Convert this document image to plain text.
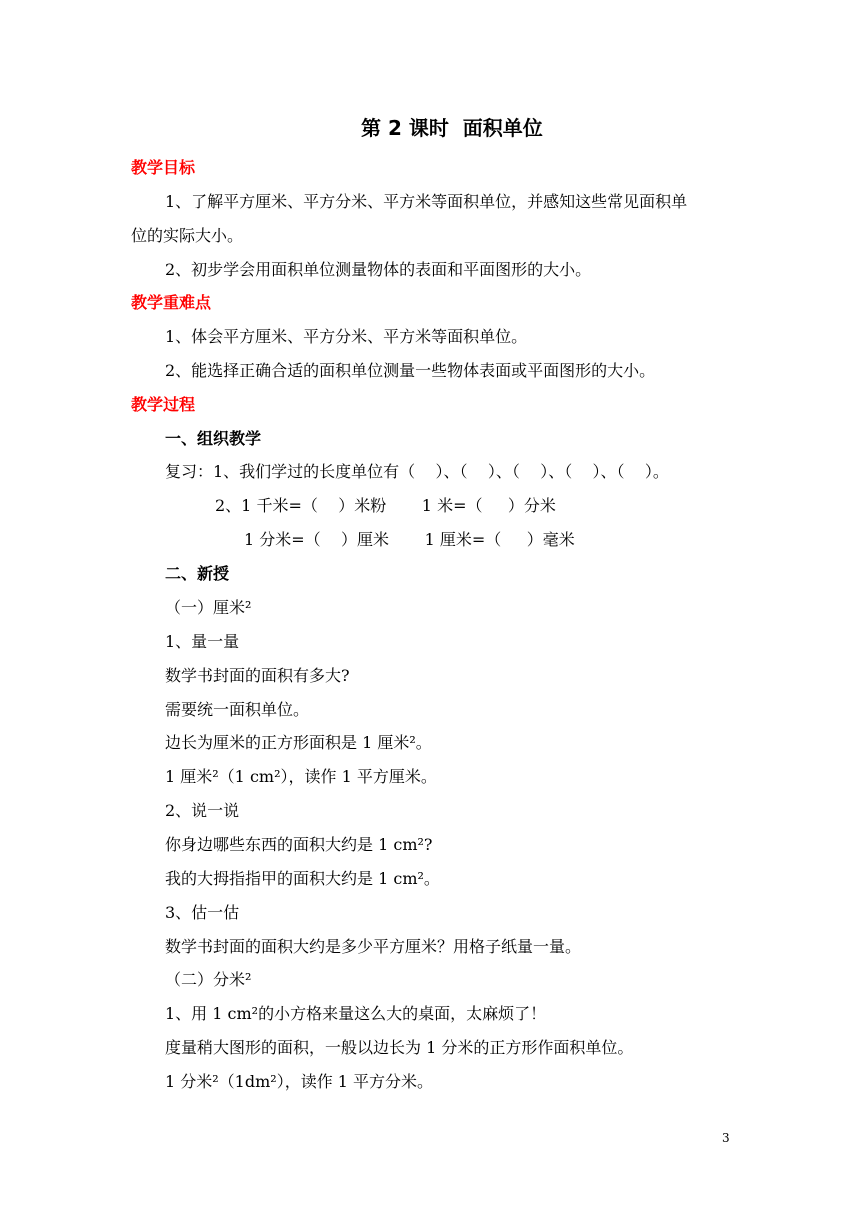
第 2 课时  面积单位
教学目标
1、了解平方厘米、平方分米、平方米等面积单位，并感知这些常见面积单
位的实际大小。
2、初步学会用面积单位测量物体的表面和平面图形的大小。
教学重难点
1、体会平方厘米、平方分米、平方米等面积单位。
2、能选择正确合适的面积单位测量一些物体表面或平面图形的大小。
教学过程
一、组织教学
复习：1、我们学过的长度单位有（    ）、（    ）、（    ）、（    ）、（    ）。
2、1 千米=（    ）米粉       1 米=（     ）分米
1 分米=（    ）厘米       1 厘米=（     ）毫米
二、新授
（一）厘米²
1、量一量
数学书封面的面积有多大?
需要统一面积单位。
边长为厘米的正方形面积是 1 厘米²。
1 厘米²（1 cm²），读作 1 平方厘米。
2、说一说
你身边哪些东西的面积大约是 1 cm²?
我的大拇指指甲的面积大约是 1 cm²。
3、估一估
数学书封面的面积大约是多少平方厘米？用格子纸量一量。
（二）分米²
1、用 1 cm²的小方格来量这么大的桌面，太麻烦了！
度量稍大图形的面积，一般以边长为 1 分米的正方形作面积单位。
1 分米²（1dm²），读作 1 平方分米。
3
